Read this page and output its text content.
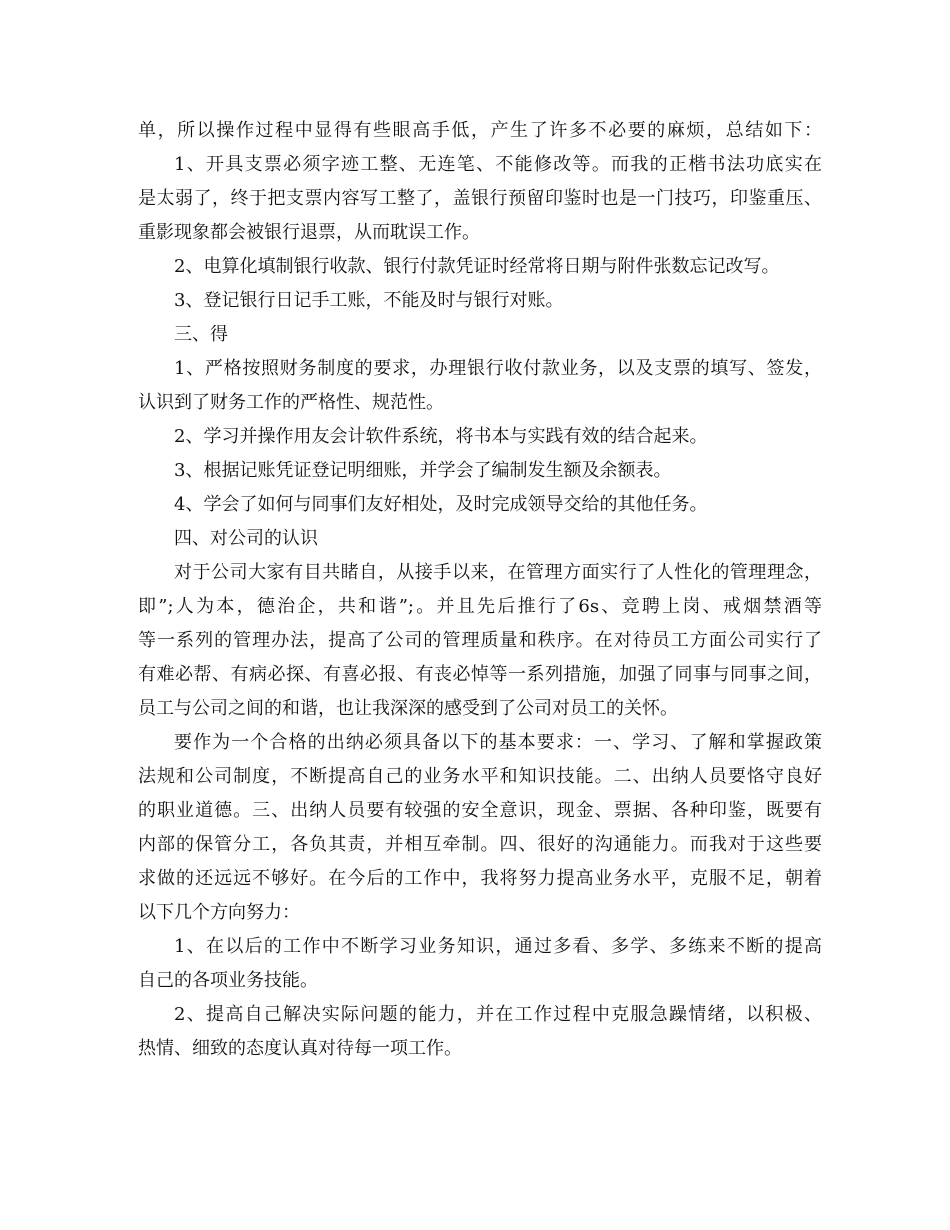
单，所以操作过程中显得有些眼高手低，产生了许多不必要的麻烦，总结如下：
1、开具支票必须字迹工整、无连笔、不能修改等。而我的正楷书法功底实在
是太弱了，终于把支票内容写工整了，盖银行预留印鉴时也是一门技巧，印鉴重压、
重影现象都会被银行退票，从而耽误工作。
2、电算化填制银行收款、银行付款凭证时经常将日期与附件张数忘记改写。
3、登记银行日记手工账，不能及时与银行对账。
三、得
1、严格按照财务制度的要求，办理银行收付款业务，以及支票的填写、签发，
认识到了财务工作的严格性、规范性。
2、学习并操作用友会计软件系统，将书本与实践有效的结合起来。
3、根据记账凭证登记明细账，并学会了编制发生额及余额表。
4、学会了如何与同事们友好相处，及时完成领导交给的其他任务。
四、对公司的认识
对于公司大家有目共睹自，从接手以来，在管理方面实行了人性化的管理理念，
即”;人为本，德治企，共和谐”;。并且先后推行了6s、竞聘上岗、戒烟禁酒等
等一系列的管理办法，提高了公司的管理质量和秩序。在对待员工方面公司实行了
有难必帮、有病必探、有喜必报、有丧必悼等一系列措施，加强了同事与同事之间，
员工与公司之间的和谐，也让我深深的感受到了公司对员工的关怀。
要作为一个合格的出纳必须具备以下的基本要求：一、学习、了解和掌握政策
法规和公司制度，不断提高自己的业务水平和知识技能。二、出纳人员要恪守良好
的职业道德。三、出纳人员要有较强的安全意识，现金、票据、各种印鉴，既要有
内部的保管分工，各负其责，并相互牵制。四、很好的沟通能力。而我对于这些要
求做的还远远不够好。在今后的工作中，我将努力提高业务水平，克服不足，朝着
以下几个方向努力：
1、在以后的工作中不断学习业务知识，通过多看、多学、多练来不断的提高
自己的各项业务技能。
2、提高自己解决实际问题的能力，并在工作过程中克服急躁情绪，以积极、
热情、细致的态度认真对待每一项工作。
